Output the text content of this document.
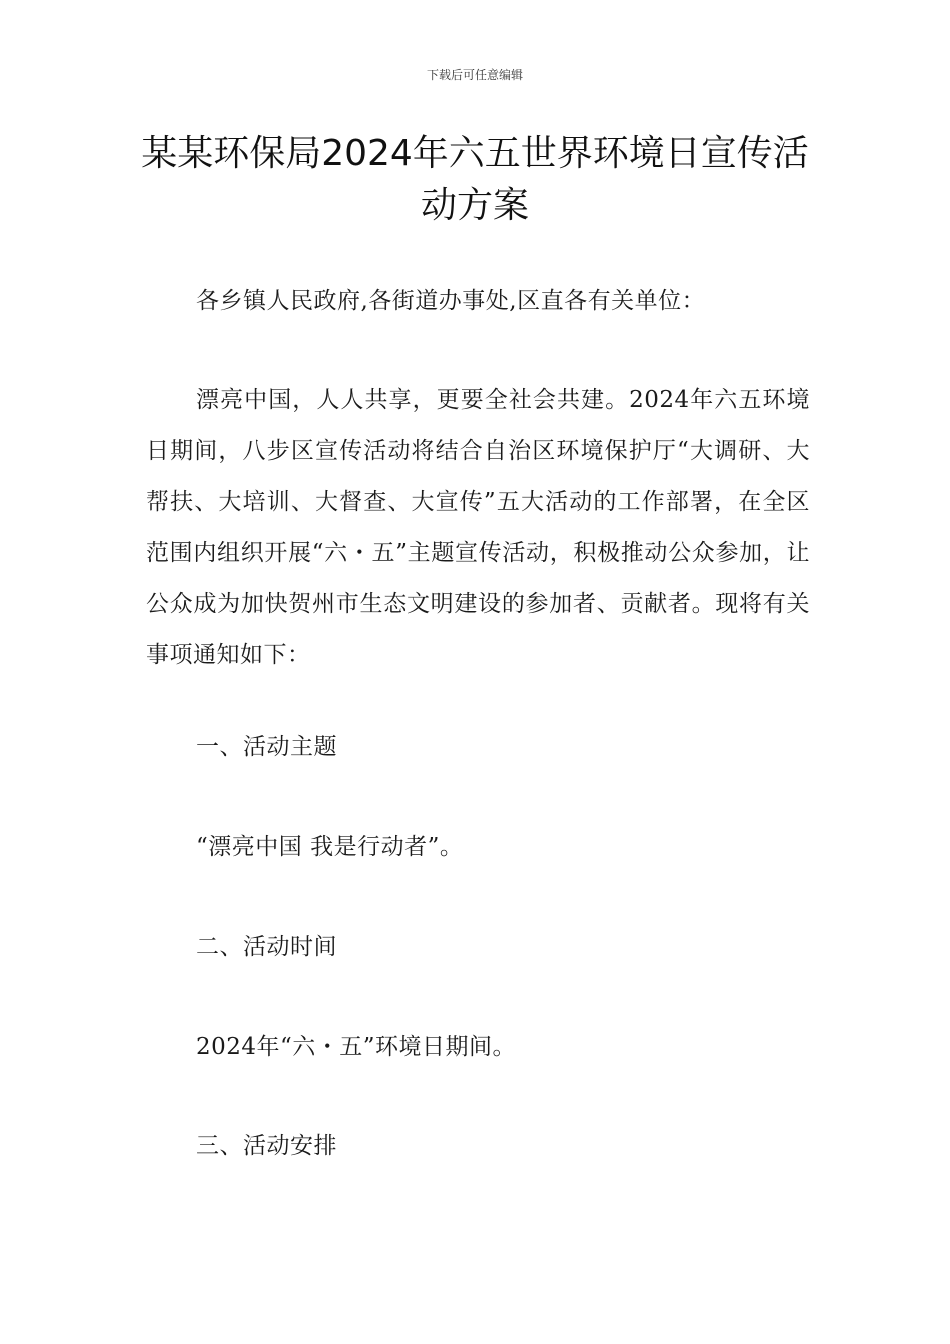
下载后可任意编辑
某某环保局2024年六五世界环境日宣传活动方案
各乡镇人民政府,各街道办事处,区直各有关单位：
漂亮中国，人人共享，更要全社会共建。2024年六五环境日期间，八步区宣传活动将结合自治区环境保护厅“大调研、大帮扶、大培训、大督查、大宣传”五大活动的工作部署，在全区范围内组织开展“六・五”主题宣传活动，积极推动公众参加，让公众成为加快贺州市生态文明建设的参加者、贡献者。现将有关事项通知如下：
一、活动主题
“漂亮中国 我是行动者”。
二、活动时间
2024年“六・五”环境日期间。
三、活动安排
